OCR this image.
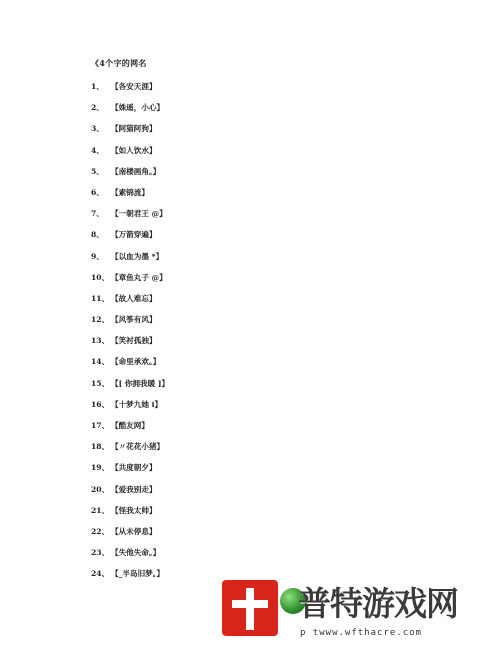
《4个字的网名
1、 【各安天涯】
2、 【姝遥，小心】
3、 【阿猫阿狗】
4、 【如人饮水】
5、 【南楼画角。】
6、 【素锦流】
7、 【一朝君王 @】
8、 【万箭穿遍】
9、 【以血为墨 *】
10、 【章鱼丸子 @】
11、 【故人难忘】
12、 【风筝有风】
13、 【笑衬孤独】
14、 【命里承欢。】
15、 【[ 你拥我暖 ]】
16、 【十梦九她 i】
17、 【酷友网】
18、 【〃花花小猪】
19、 【共度朝夕】
20、 【爱我别走】
21、 【怪我太帅】
22、 【从未停息】
23、 【失他失命。】
24、 【_半岛旧梦。】
普特游戏网
p twww.wfthacre.com
